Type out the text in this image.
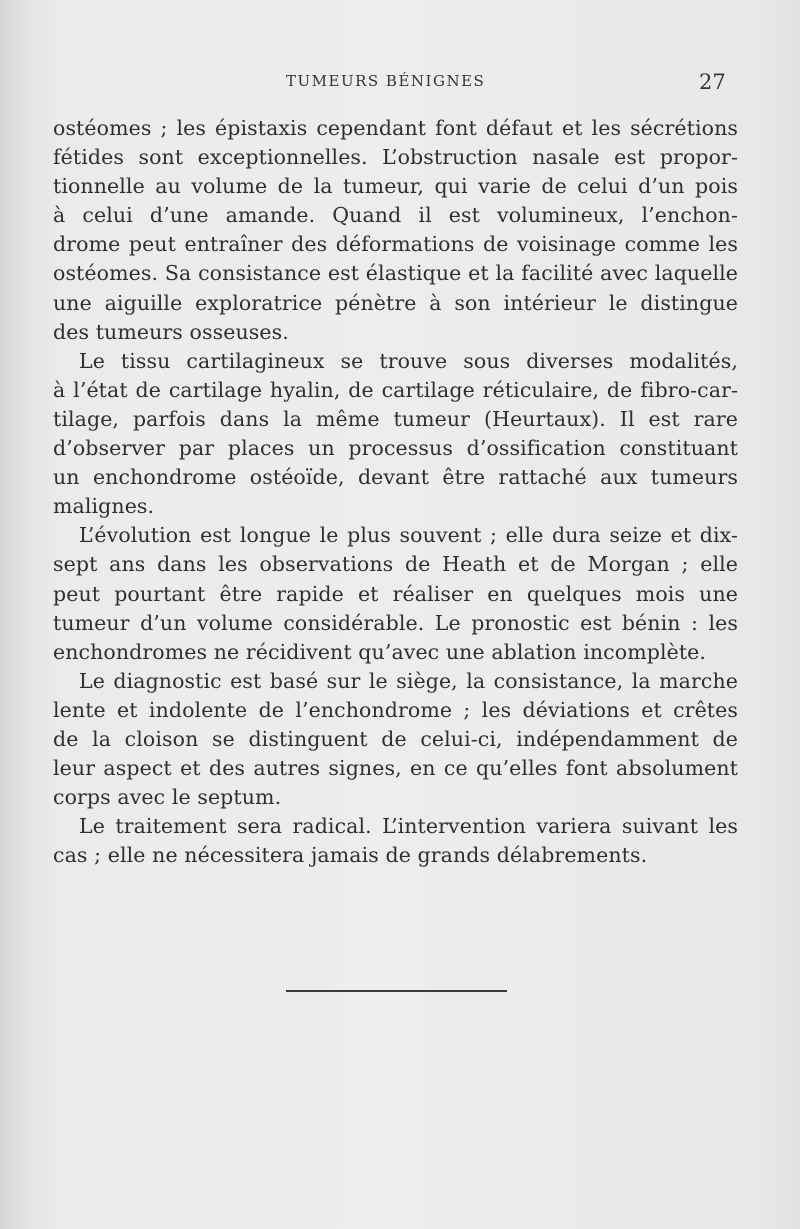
TUMEURS BÉNIGNES	27
ostéomes ; les épistaxis cependant font défaut et les sécrétions
fétides sont exceptionnelles. L’obstruction nasale est propor-
tionnelle au volume de la tumeur, qui varie de celui d’un pois
à celui d’une amande. Quand il est volumineux, l’enchon-
drome peut entraîner des déformations de voisinage comme les
ostéomes. Sa consistance est élastique et la facilité avec laquelle
une aiguille exploratrice pénètre à son intérieur le distingue
des tumeurs osseuses.
Le tissu cartilagineux se trouve sous diverses modalités,
à l’état de cartilage hyalin, de cartilage réticulaire, de fibro-car-
tilage, parfois dans la même tumeur (Heurtaux). Il est rare
d’observer par places un processus d’ossification constituant
un enchondrome ostéoïde, devant être rattaché aux tumeurs
malignes.
L’évolution est longue le plus souvent ; elle dura seize et dix-
sept ans dans les observations de Heath et de Morgan ; elle
peut pourtant être rapide et réaliser en quelques mois une
tumeur d’un volume considérable. Le pronostic est bénin : les
enchondromes ne récidivent qu’avec une ablation incomplète.
Le diagnostic est basé sur le siège, la consistance, la marche
lente et indolente de l’enchondrome ; les déviations et crêtes
de la cloison se distinguent de celui-ci, indépendamment de
leur aspect et des autres signes, en ce qu’elles font absolument
corps avec le septum.
Le traitement sera radical. L’intervention variera suivant les
cas ; elle ne nécessitera jamais de grands délabrements.
